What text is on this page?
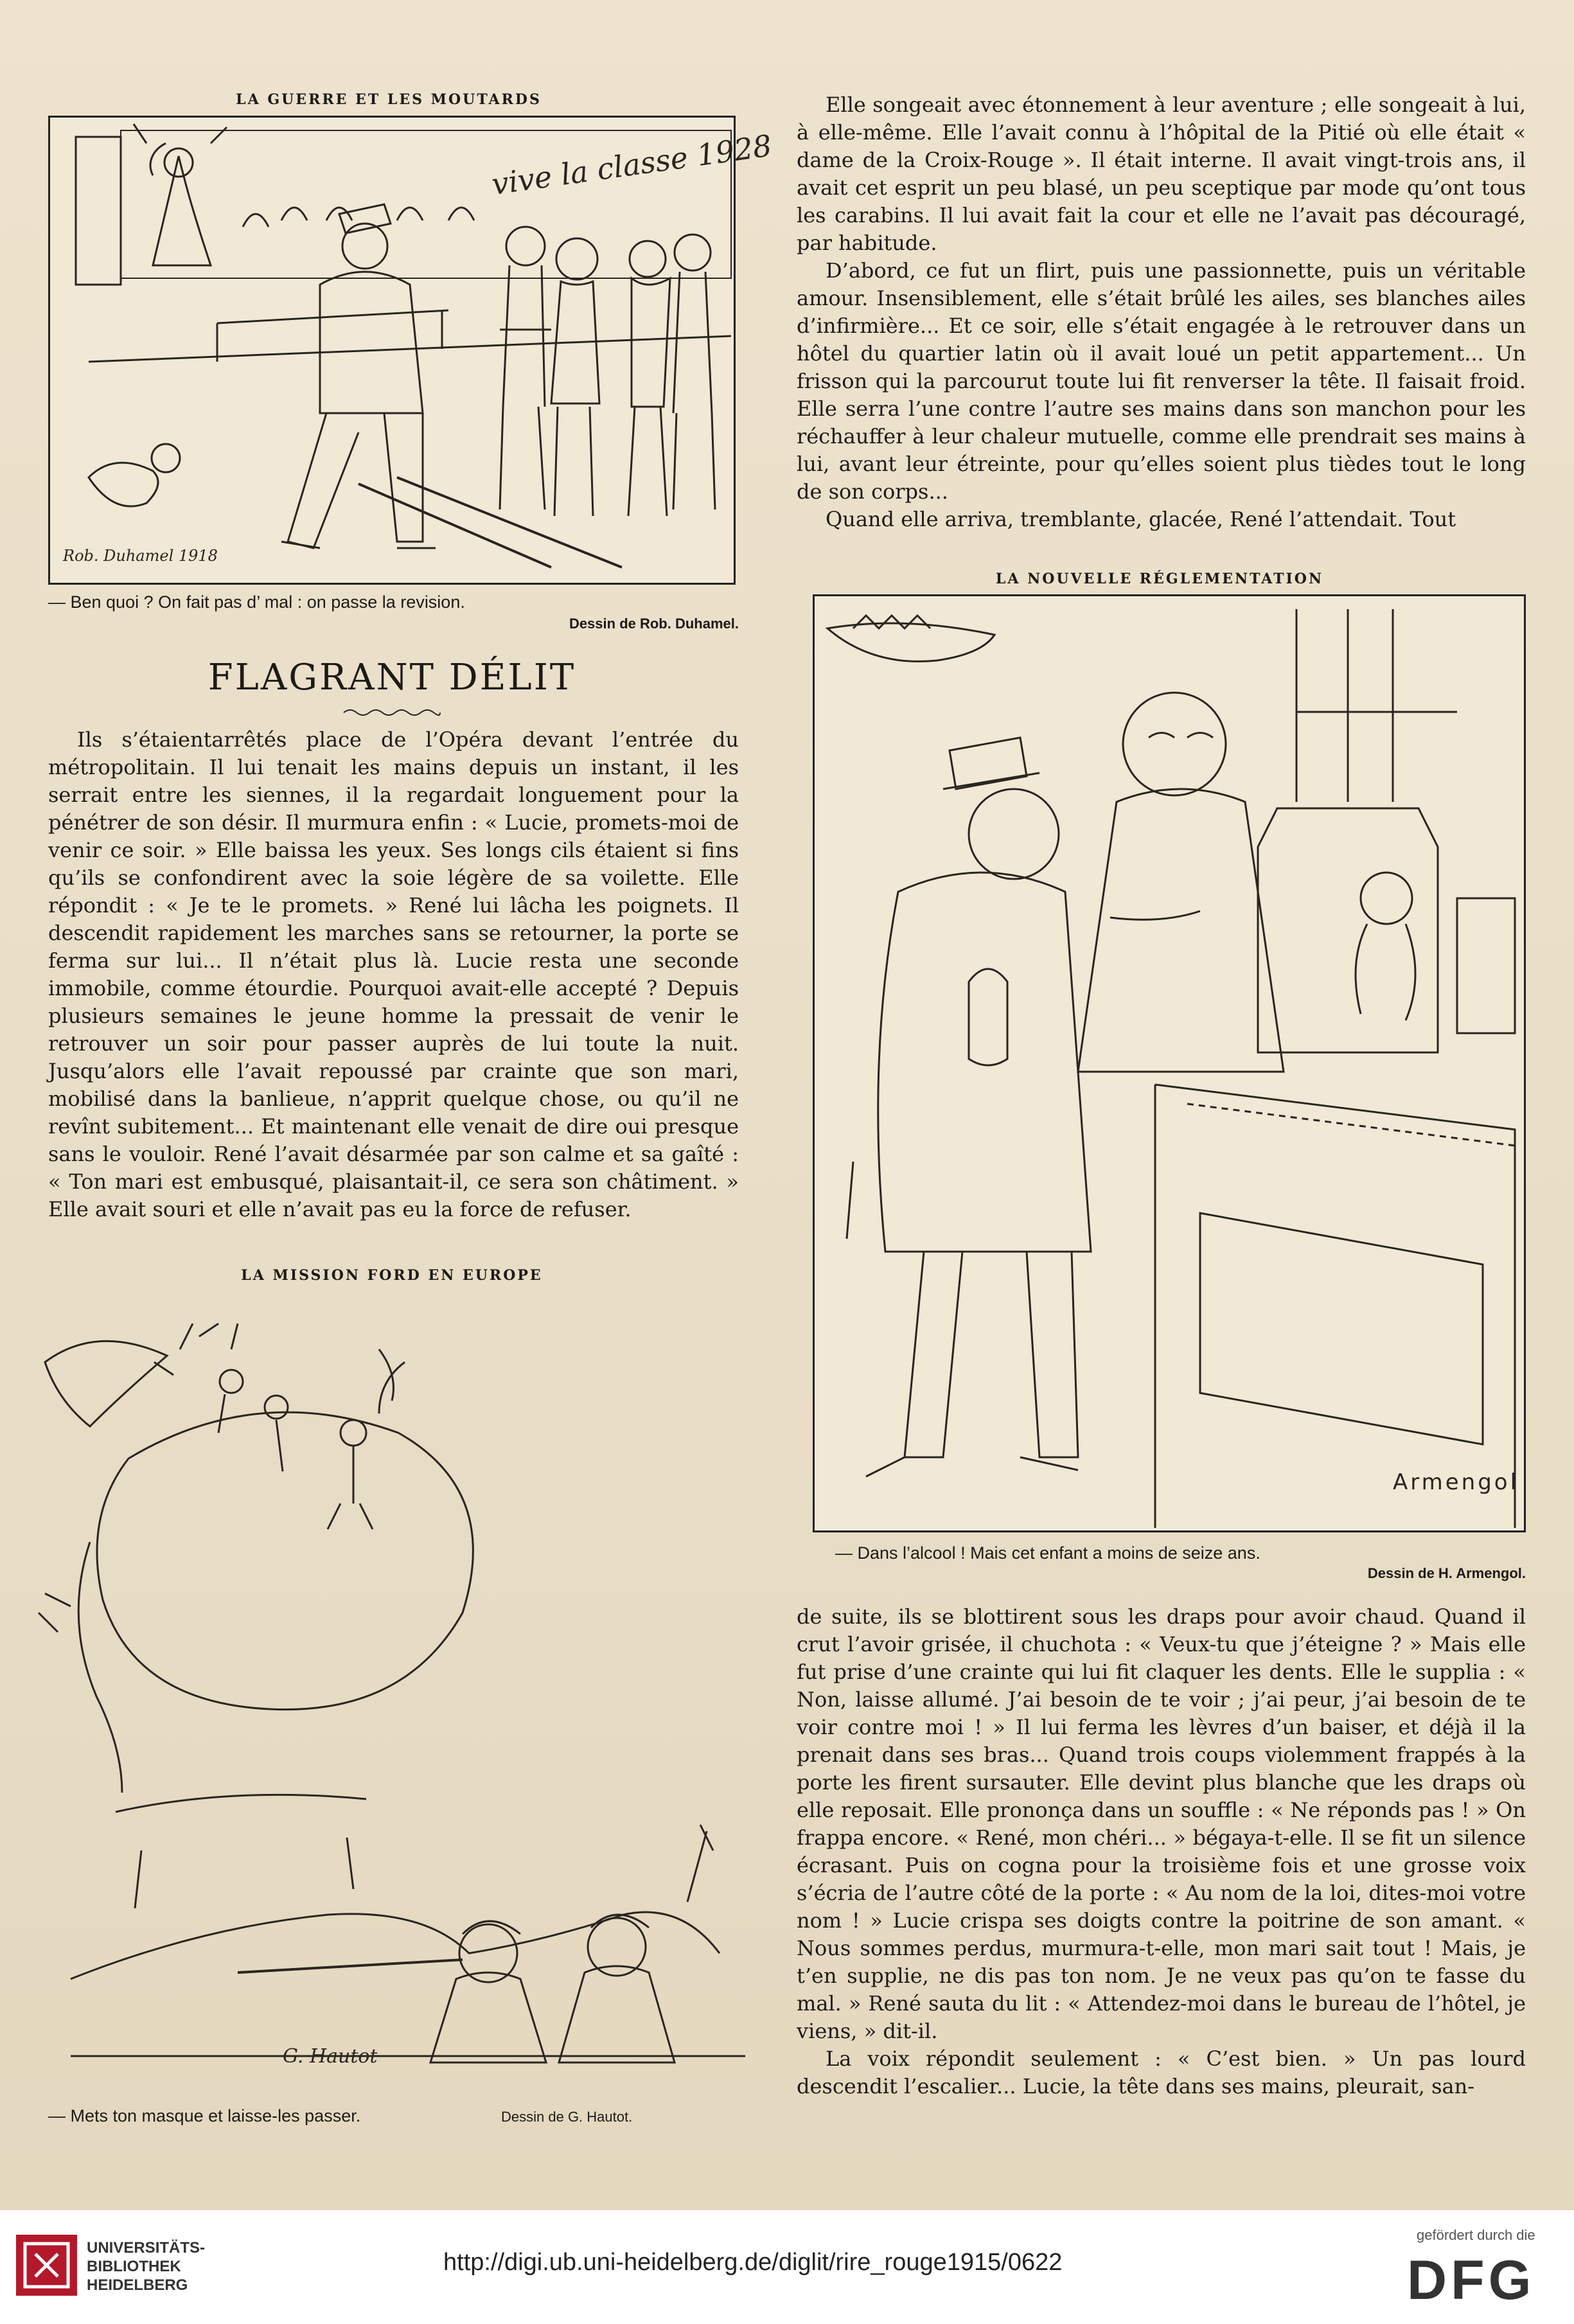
LA GUERRE ET LES MOUTARDS
vive la classe 1928
Rob. Duhamel 1918
— Ben quoi ? On fait pas d’ mal : on passe la revision.
Dessin de Rob. Duhamel.
FLAGRANT DÉLIT

Ils s’étaientarrêtés place de l’Opéra devant l’entrée du métropolitain. Il lui tenait les mains depuis un instant, il les serrait entre les siennes, il la regardait longuement pour la pénétrer de son désir. Il murmura enfin : « Lucie, promets-moi de venir ce soir. » Elle baissa les yeux. Ses longs cils étaient si fins qu’ils se confondirent avec la soie légère de sa voilette. Elle répondit : « Je te le promets. » René lui lâcha les poignets. Il descendit rapidement les marches sans se retourner, la porte se ferma sur lui... Il n’était plus là. Lucie resta une seconde immobile, comme étourdie. Pourquoi avait-elle accepté ? Depuis plusieurs semaines le jeune homme la pressait de venir le retrouver un soir pour passer auprès de lui toute la nuit. Jusqu’alors elle l’avait repoussé par crainte que son mari, mobilisé dans la banlieue, n’apprit quelque chose, ou qu’il ne revînt subitement... Et maintenant elle venait de dire oui presque sans le vouloir. René l’avait désarmée par son calme et sa gaîté : « Ton mari est embusqué, plaisantait-il, ce sera son châtiment. » Elle avait souri et elle n’avait pas eu la force de refuser.

LA MISSION FORD EN EUROPE
G. Hautot
— Mets ton masque et laisse-les passer.	Dessin de G. Hautot.

Elle songeait avec étonnement à leur aventure ; elle songeait à lui, à elle-même. Elle l’avait connu à l’hôpital de la Pitié où elle était « dame de la Croix-Rouge ». Il était interne. Il avait vingt-trois ans, il avait cet esprit un peu blasé, un peu sceptique par mode qu’ont tous les carabins. Il lui avait fait la cour et elle ne l’avait pas découragé, par habitude.

D’abord, ce fut un flirt, puis une passionnette, puis un véritable amour. Insensiblement, elle s’était brûlé les ailes, ses blanches ailes d’infirmière... Et ce soir, elle s’était engagée à le retrouver dans un hôtel du quartier latin où il avait loué un petit appartement... Un frisson qui la parcourut toute lui fit renverser la tête. Il faisait froid. Elle serra l’une contre l’autre ses mains dans son manchon pour les réchauffer à leur chaleur mutuelle, comme elle prendrait ses mains à lui, avant leur étreinte, pour qu’elles soient plus tièdes tout le long de son corps...

Quand elle arriva, tremblante, glacée, René l’attendait. Tout

LA NOUVELLE RÉGLEMENTATION
Armengol
— Dans l’alcool ! Mais cet enfant a moins de seize ans.
Dessin de H. Armengol.

de suite, ils se blottirent sous les draps pour avoir chaud. Quand il crut l’avoir grisée, il chuchota : « Veux-tu que j’éteigne ? » Mais elle fut prise d’une crainte qui lui fit claquer les dents. Elle le supplia : « Non, laisse allumé. J’ai besoin de te voir ; j’ai peur, j’ai besoin de te voir contre moi ! » Il lui ferma les lèvres d’un baiser, et déjà il la prenait dans ses bras... Quand trois coups violemment frappés à la porte les firent sursauter. Elle devint plus blanche que les draps où elle reposait. Elle prononça dans un souffle : « Ne réponds pas ! » On frappa encore. « René, mon chéri... » bégaya-t-elle. Il se fit un silence écrasant. Puis on cogna pour la troisième fois et une grosse voix s’écria de l’autre côté de la porte : « Au nom de la loi, dites-moi votre nom ! » Lucie crispa ses doigts contre la poitrine de son amant. « Nous sommes perdus, murmura-t-elle, mon mari sait tout ! Mais, je t’en supplie, ne dis pas ton nom. Je ne veux pas qu’on te fasse du mal. » René sauta du lit : « Attendez-moi dans le bureau de l’hôtel, je viens, » dit-il.

La voix répondit seulement : « C’est bien. » Un pas lourd descendit l’escalier... Lucie, la tête dans ses mains, pleurait, san-

UNIVERSITÄTS-
BIBLIOTHEK
HEIDELBERG
http://digi.ub.uni-heidelberg.de/diglit/rire_rouge1915/0622
gefördert durch die
DFG
